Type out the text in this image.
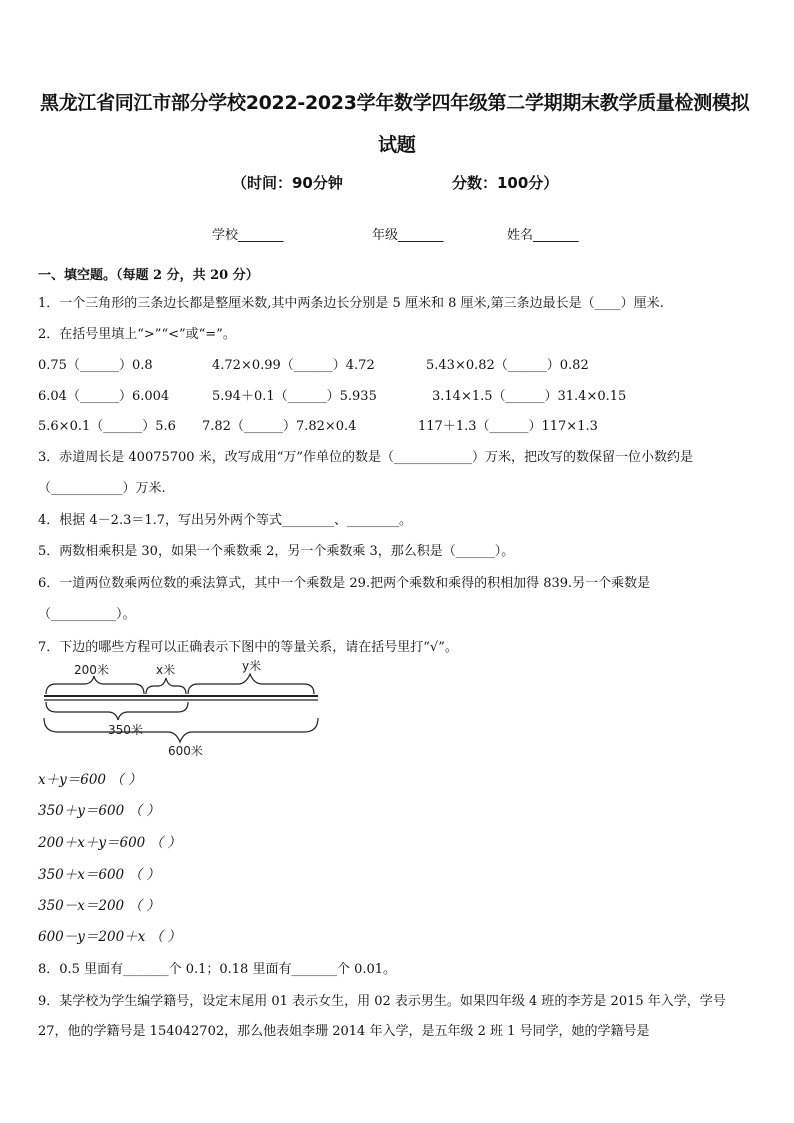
黑龙江省同江市部分学校2022-2023学年数学四年级第二学期期末教学质量检测模拟
试题
（时间：90分钟	分数：100分）
学校_______	年级_______	姓名_______
一、填空题。（每题 2 分，共 20 分）
1．一个三角形的三条边长都是整厘米数,其中两条边长分别是 5 厘米和 8 厘米,第三条边最长是（____）厘米.
2．在括号里填上“>”“<”或“=”。
0.75（______）0.8	4.72×0.99（______）4.72	5.43×0.82（______）0.82
6.04（______）6.004	5.94＋0.1（______）5.935	3.14×1.5（______）31.4×0.15
5.6×0.1（______）5.6 7.82（______）7.82×0.4	117＋1.3（______）117×1.3
3．赤道周长是 40075700 米，改写成用“万”作单位的数是（____________）万米，把改写的数保留一位小数约是
（___________）万米.
4．根据 4－2.3＝1.7，写出另外两个等式________、________。
5．两数相乘积是 30，如果一个乘数乘 2，另一个乘数乘 3，那么积是（______）。
6．一道两位数乘两位数的乘法算式，其中一个乘数是 29.把两个乘数和乘得的积相加得 839.另一个乘数是
（__________）。
7．下边的哪些方程可以正确表示下图中的等量关系，请在括号里打“√”。
200米	x米	y米
350米
600米
x＋y＝600 （ ）
350＋y＝600 （ ）
200＋x＋y＝600 （ ）
350＋x＝600 （ ）
350－x＝200 （ ）
600－y＝200＋x （ ）
8．0.5 里面有_______个 0.1；0.18 里面有_______个 0.01。
9．某学校为学生编学籍号，设定末尾用 01 表示女生，用 02 表示男生。如果四年级 4 班的李芳是 2015 年入学，学号
27，他的学籍号是 154042702，那么他表姐李珊 2014 年入学，是五年级 2 班 1 号同学，她的学籍号是
